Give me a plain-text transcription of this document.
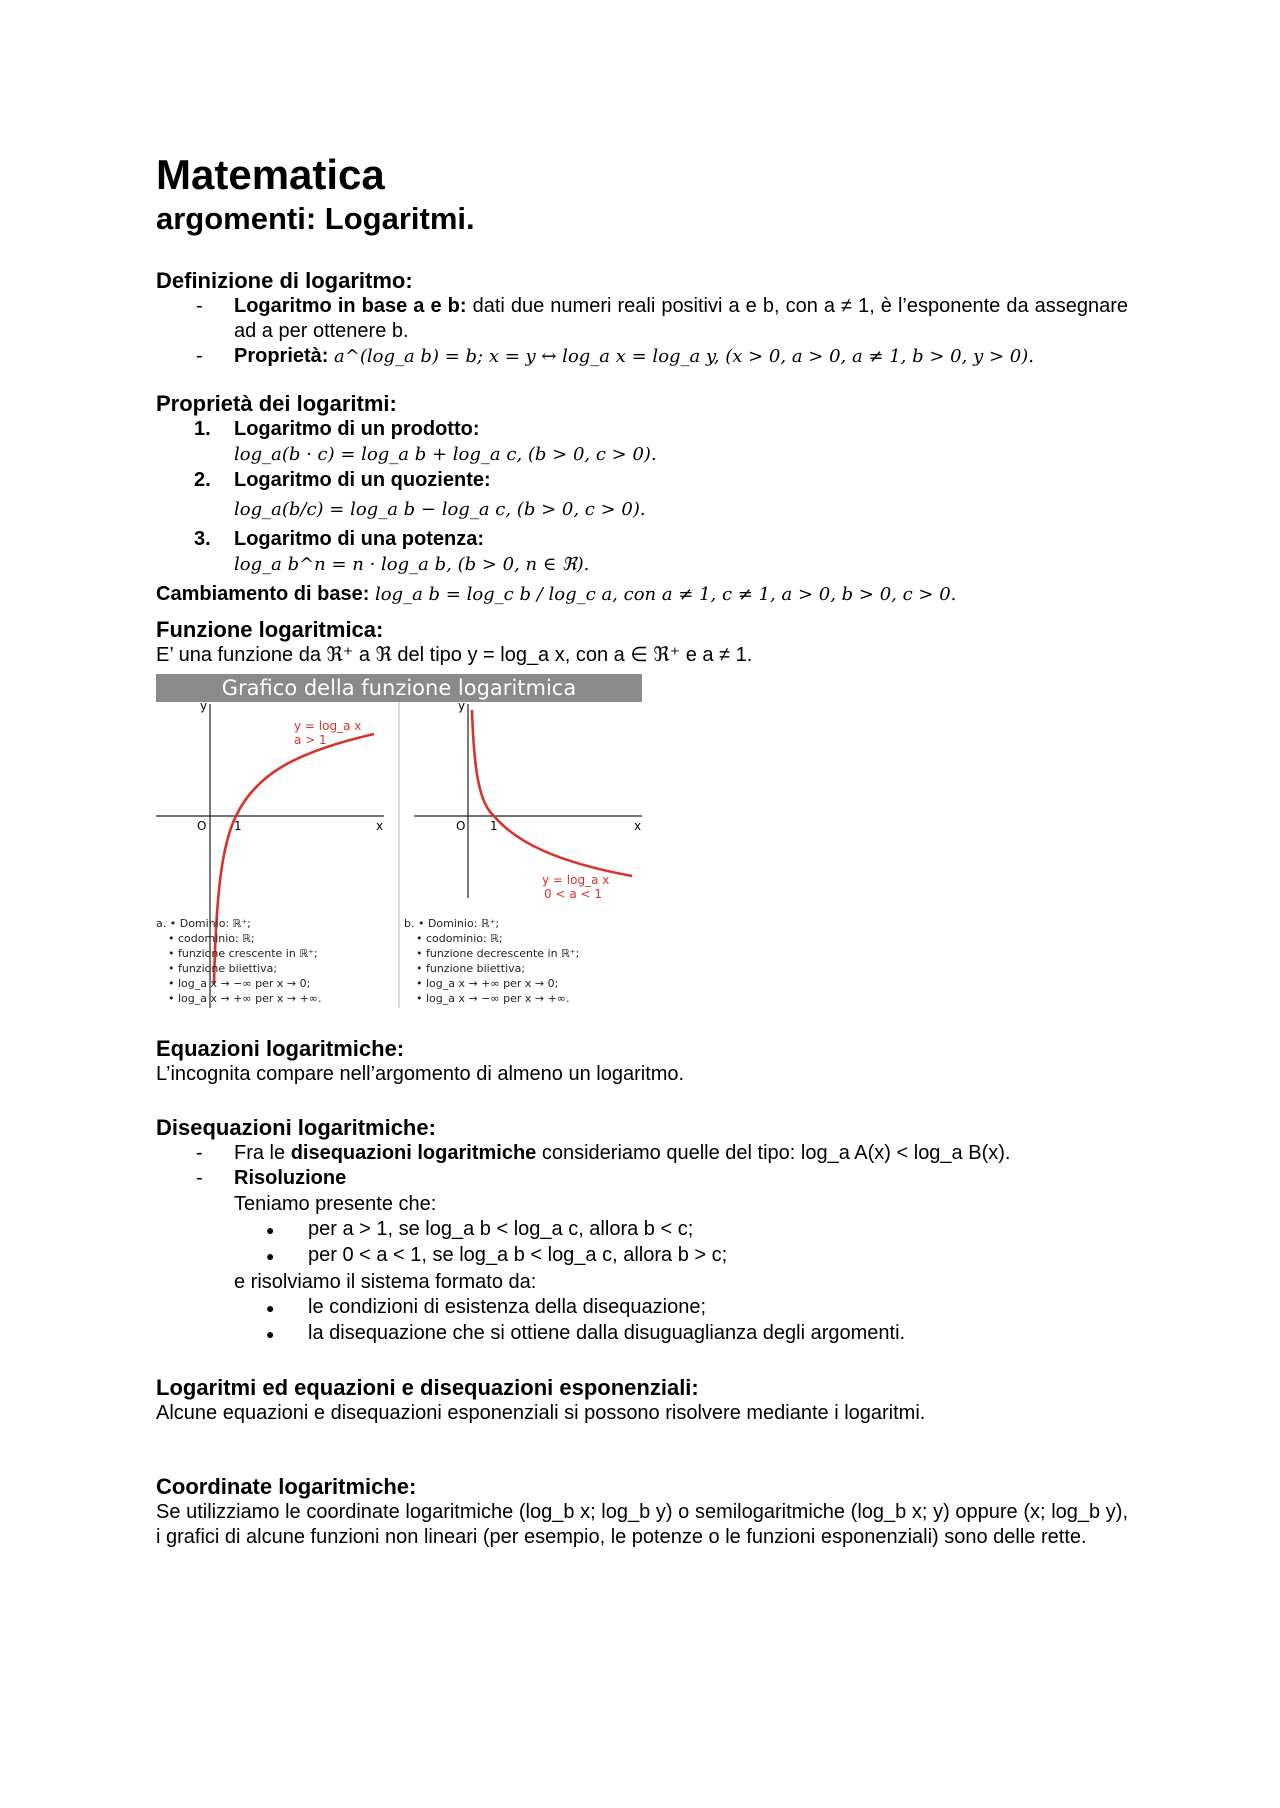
Matematica
argomenti: Logaritmi.
Definizione di logaritmo:
-	Logaritmo in base a e b: dati due numeri reali positivi a e b, con a ≠ 1, è l’esponente da assegnare ad a per ottenere b.
-	Proprietà: a^(log_a b) = b; x = y ↔ log_a x = log_a y, (x > 0, a > 0, a ≠ 1, b > 0, y > 0).
Proprietà dei logaritmi:
1.	Logaritmo di un prodotto:
log_a(b · c) = log_a b + log_a c, (b > 0, c > 0).
2.	Logaritmo di un quoziente:
log_a(b/c) = log_a b − log_a c, (b > 0, c > 0).
3.	Logaritmo di una potenza:
log_a b^n = n · log_a b, (b > 0, n ∈ ℜ).

Cambiamento di base: log_a b = log_c b / log_c a, con a ≠ 1, c ≠ 1, a > 0, b > 0, c > 0.

Funzione logaritmica:

E’ una funzione da ℜ⁺ a ℜ del tipo y = log_a x, con a ∈ ℜ⁺ e a ≠ 1.

Grafico della funzione logaritmica
y
x
O 1
y = log_a x
a > 1
y
x
O 1
y = log_a x
0 < a < 1
a. • Dominio: ℝ⁺;
• codominio: ℝ;
• funzione crescente in ℝ⁺;
• funzione biiettiva;
• log_a x → −∞ per x → 0;
• log_a x → +∞ per x → +∞.
b. • Dominio: ℝ⁺;
• codominio: ℝ;
• funzione decrescente in ℝ⁺;
• funzione biiettiva;
• log_a x → +∞ per x → 0;
• log_a x → −∞ per x → +∞.
Equazioni logaritmiche:

L’incognita compare nell’argomento di almeno un logaritmo.

Disequazioni logaritmiche:
-	Fra le disequazioni logaritmiche consideriamo quelle del tipo: log_a A(x) < log_a B(x).
-	Risoluzione
Teniamo presente che:
●	per a > 1, se log_a b < log_a c, allora b < c;
●	per 0 < a < 1, se log_a b < log_a c, allora b > c;
e risolviamo il sistema formato da:
●	le condizioni di esistenza della disequazione;
●	la disequazione che si ottiene dalla disuguaglianza degli argomenti.
Logaritmi ed equazioni e disequazioni esponenziali:

Alcune equazioni e disequazioni esponenziali si possono risolvere mediante i logaritmi.

Coordinate logaritmiche:

Se utilizziamo le coordinate logaritmiche (log_b x; log_b y) o semilogaritmiche (log_b x; y) oppure (x; log_b y), i grafici di alcune funzioni non lineari (per esempio, le potenze o le funzioni esponenziali) sono delle rette.
